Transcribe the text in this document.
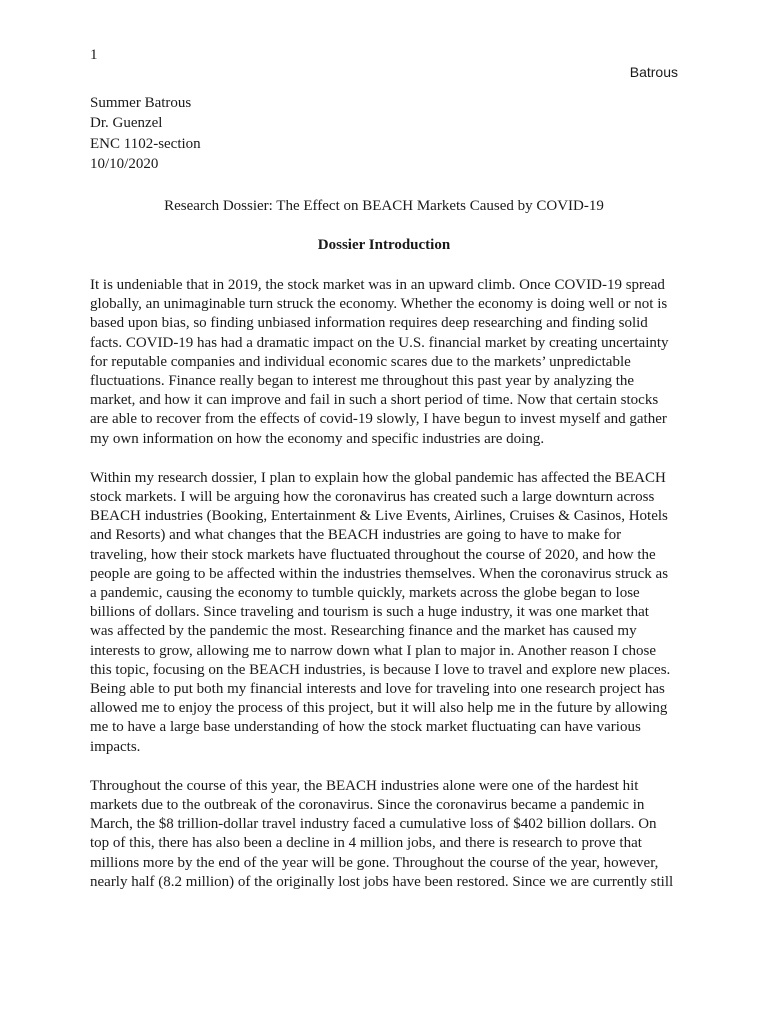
1
Batrous
Summer Batrous
Dr. Guenzel
ENC 1102-section
10/10/2020
Research Dossier: The Effect on BEACH Markets Caused by COVID-19
Dossier Introduction
It is undeniable that in 2019, the stock market was in an upward climb. Once COVID-19 spread
globally, an unimaginable turn struck the economy. Whether the economy is doing well or not is
based upon bias, so finding unbiased information requires deep researching and finding solid
facts. COVID-19 has had a dramatic impact on the U.S. financial market by creating uncertainty
for reputable companies and individual economic scares due to the markets’ unpredictable
fluctuations. Finance really began to interest me throughout this past year by analyzing the
market, and how it can improve and fail in such a short period of time. Now that certain stocks
are able to recover from the effects of covid-19 slowly, I have begun to invest myself and gather
my own information on how the economy and specific industries are doing.
Within my research dossier, I plan to explain how the global pandemic has affected the BEACH
stock markets. I will be arguing how the coronavirus has created such a large downturn across
BEACH industries (Booking, Entertainment & Live Events, Airlines, Cruises & Casinos, Hotels
and Resorts) and what changes that the BEACH industries are going to have to make for
traveling, how their stock markets have fluctuated throughout the course of 2020, and how the
people are going to be affected within the industries themselves. When the coronavirus struck as
a pandemic, causing the economy to tumble quickly, markets across the globe began to lose
billions of dollars. Since traveling and tourism is such a huge industry, it was one market that
was affected by the pandemic the most. Researching finance and the market has caused my
interests to grow, allowing me to narrow down what I plan to major in. Another reason I chose
this topic, focusing on the BEACH industries, is because I love to travel and explore new places.
Being able to put both my financial interests and love for traveling into one research project has
allowed me to enjoy the process of this project, but it will also help me in the future by allowing
me to have a large base understanding of how the stock market fluctuating can have various
impacts.
Throughout the course of this year, the BEACH industries alone were one of the hardest hit
markets due to the outbreak of the coronavirus. Since the coronavirus became a pandemic in
March, the $8 trillion-dollar travel industry faced a cumulative loss of $402 billion dollars. On
top of this, there has also been a decline in 4 million jobs, and there is research to prove that
millions more by the end of the year will be gone. Throughout the course of the year, however,
nearly half (8.2 million) of the originally lost jobs have been restored. Since we are currently still
